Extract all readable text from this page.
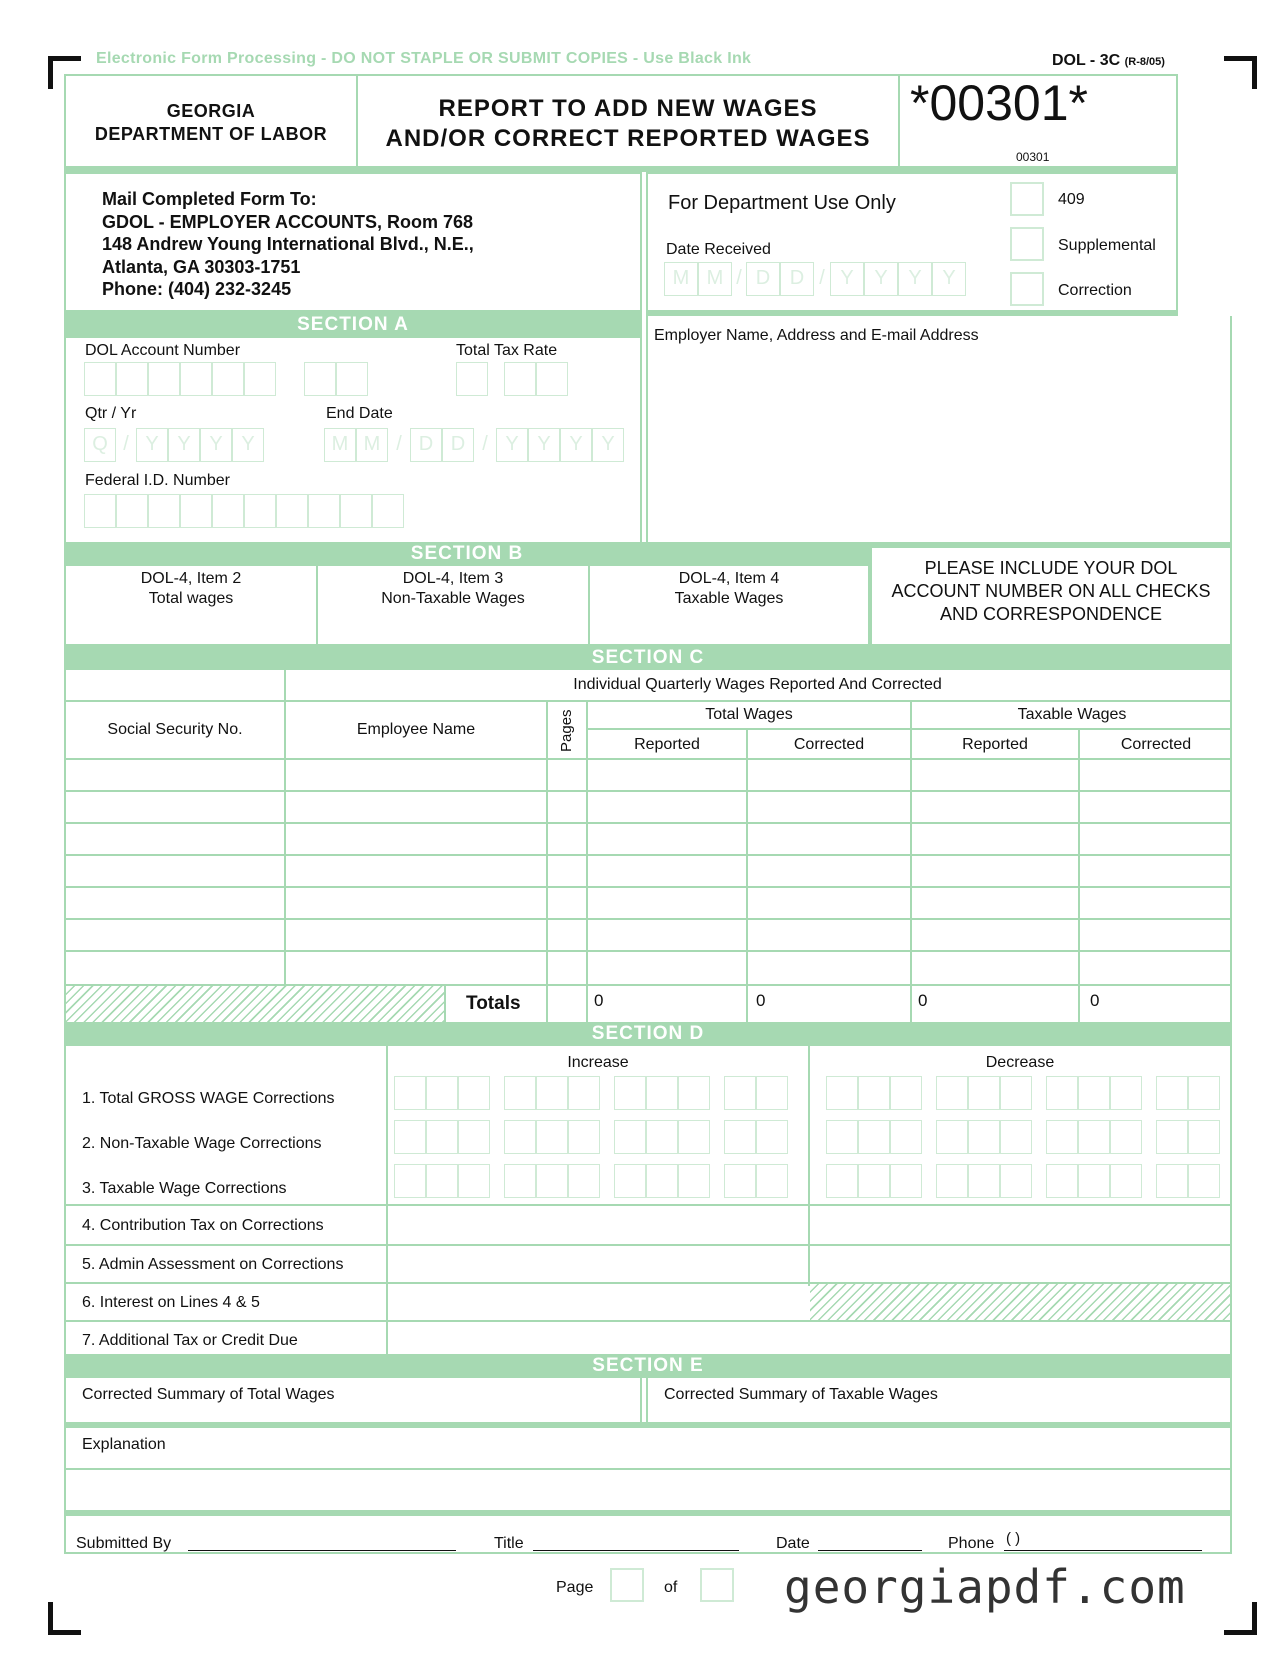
Electronic Form Processing - DO NOT STAPLE OR SUBMIT COPIES - Use Black Ink	DOL - 3C (R-8/05)
GEORGIA
DEPARTMENT OF LABOR
REPORT TO ADD NEW WAGES
AND/OR CORRECT REPORTED WAGES
*00301*
00301
Mail Completed Form To:
GDOL - EMPLOYER ACCOUNTS, Room 768
148 Andrew Young International Blvd., N.E.,
Atlanta, GA 30303-1751
Phone: (404) 232-3245
For Department Use Only
Date Received
M M / D D / Y	Y	Y	Y
409
Supplemental
Correction
SECTION A
DOL Account Number	Total Tax Rate
Qtr / Yr	End Date
Q / Y Y Y Y	M M / D D / Y Y Y Y
Federal I.D. Number
Employer Name, Address and E-mail Address
SECTION B
DOL-4, Item 2
Total wages
DOL-4, Item 3
Non-Taxable Wages
DOL-4, Item 4
Taxable Wages
PLEASE INCLUDE YOUR DOL
ACCOUNT NUMBER ON ALL CHECKS
AND CORRESPONDENCE
SECTION C
Individual Quarterly Wages Reported And Corrected
Social Security No.	Employee Name	Pages	Total Wages	Taxable Wages
Reported	Corrected	Reported	Corrected
Totals	0	0	0	0
SECTION D
Increase	Decrease
1. Total GROSS WAGE Corrections
2. Non-Taxable Wage Corrections
3. Taxable Wage Corrections
4. Contribution Tax on Corrections
5. Admin Assessment on Corrections
6. Interest on Lines 4 & 5
7. Additional Tax or Credit Due
SECTION E
Corrected Summary of Total Wages	Corrected Summary of Taxable Wages
Explanation
Submitted By	Title	Date	Phone ( )
Page	of georgiapdf.com
